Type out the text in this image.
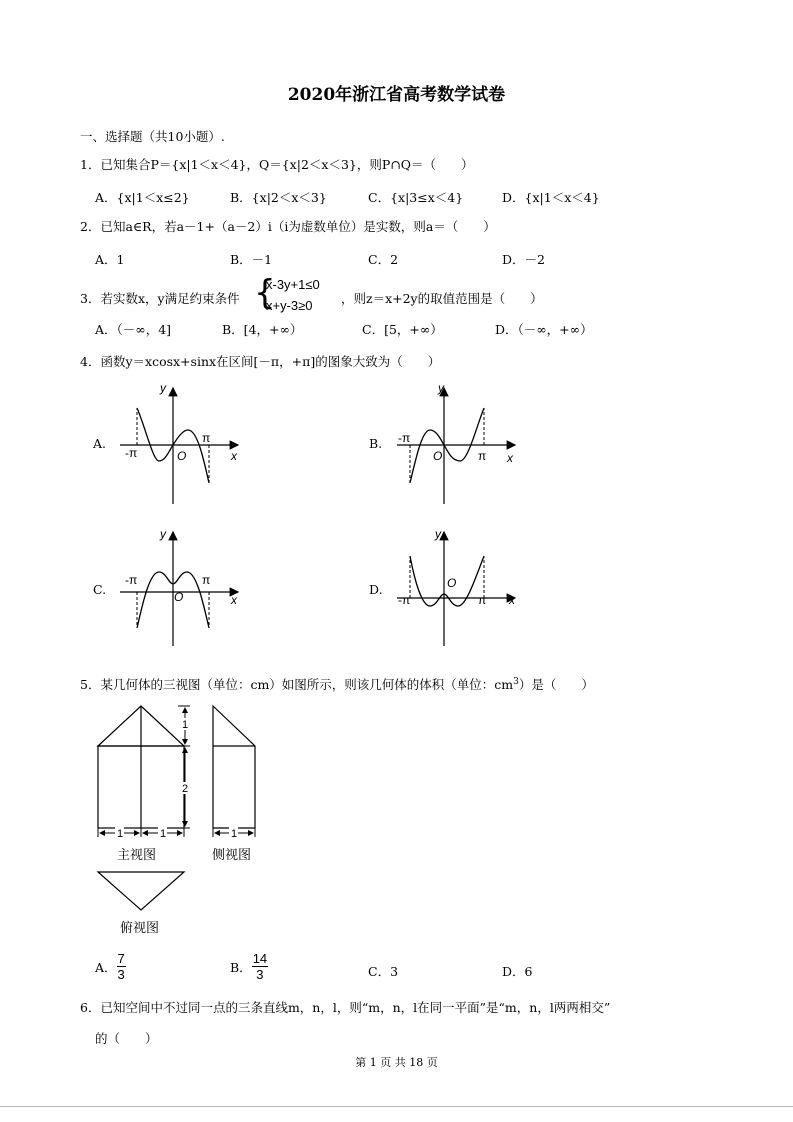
2020年浙江省高考数学试卷
一、选择题（共10小题）.
1．已知集合P＝{x|1＜x＜4}，Q＝{x|2＜x＜3}，则P∩Q＝（　　）
A．{x|1＜x≤2}	B．{x|2＜x＜3}	C．{x|3≤x＜4}	D．{x|1＜x＜4}
2．已知a∈R，若a－1+（a－2）i（i为虚数单位）是实数，则a＝（　　）
A．1	B．－1	C．2	D．－2
3．若实数x，y满足约束条件 {
x-3y+1≤0
x+y-3≥0 ，则z＝x+2y的取值范围是（　　）
A．（－∞，4]	B．[4，+∞）	C．[5，+∞）	D．（－∞，+∞）
4．函数y＝xcosx+sinx在区间[－π，+π]的图象大致为（　　）
A.
-π
π
O	x
y
B. -π
π
O	x
y
C.
-π	π
O	x
y
D.
-π	π
O
x
y
5．某几何体的三视图（单位：cm）如图所示，则该几何体的体积（单位：$cm^3$）是（　　）
1
2
1	1	1
主视图	侧视图
俯视图
A． $\frac{7}{3}$	B． $\frac{14}{3}$	C．3	D．6
6．已知空间中不过同一点的三条直线m，n，l，则“m，n，l在同一平面”是“m，n，l两两相交”
的（　　）
第 1 页 共 18 页
